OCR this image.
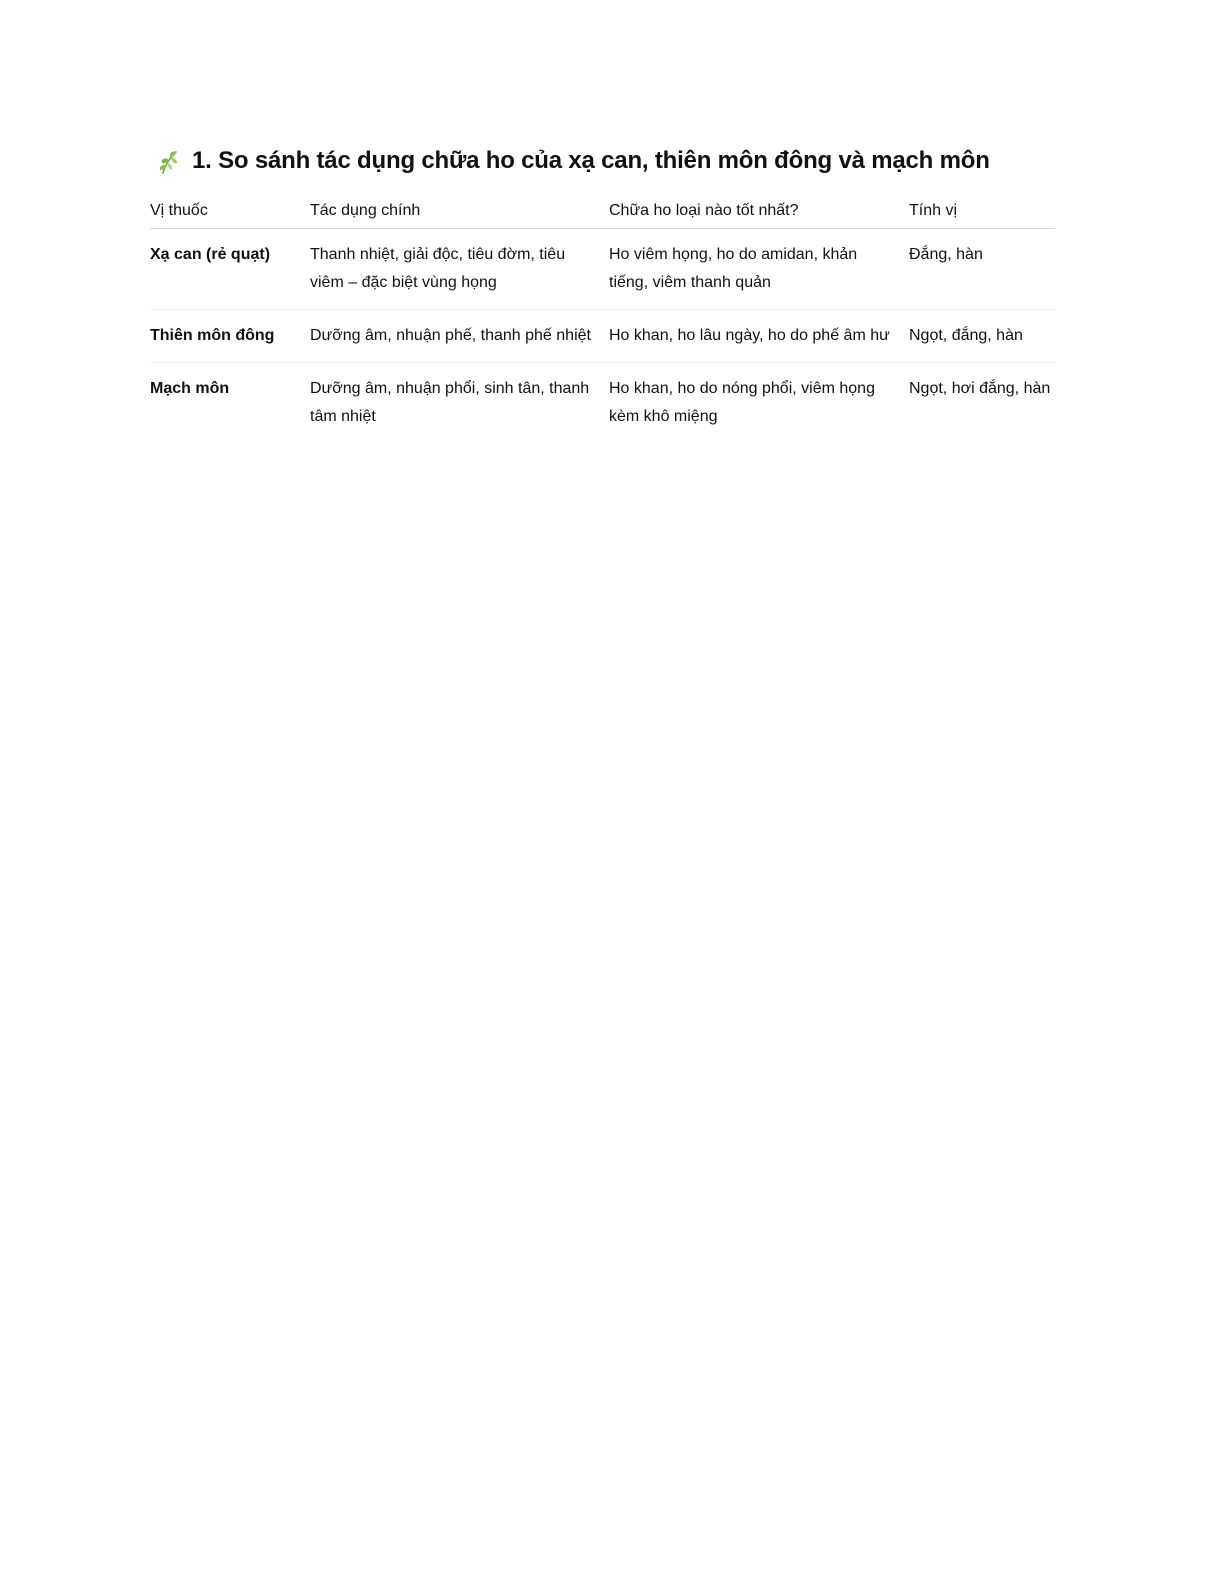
1. So sánh tác dụng chữa ho của xạ can, thiên môn đông và mạch môn
Vị thuốc	Tác dụng chính	Chữa ho loại nào tốt nhất?	Tính vị
Xạ can (rẻ quạt)	Thanh nhiệt, giải độc, tiêu đờm, tiêu viêm – đặc biệt vùng họng	Ho viêm họng, ho do amidan, khản tiếng, viêm thanh quản	Đắng, hàn
Thiên môn đông	Dưỡng âm, nhuận phế, thanh phế nhiệt	Ho khan, ho lâu ngày, ho do phế âm hư	Ngọt, đắng, hàn
Mạch môn	Dưỡng âm, nhuận phổi, sinh tân, thanh tâm nhiệt	Ho khan, ho do nóng phổi, viêm họng kèm khô miệng	Ngọt, hơi đắng, hàn
